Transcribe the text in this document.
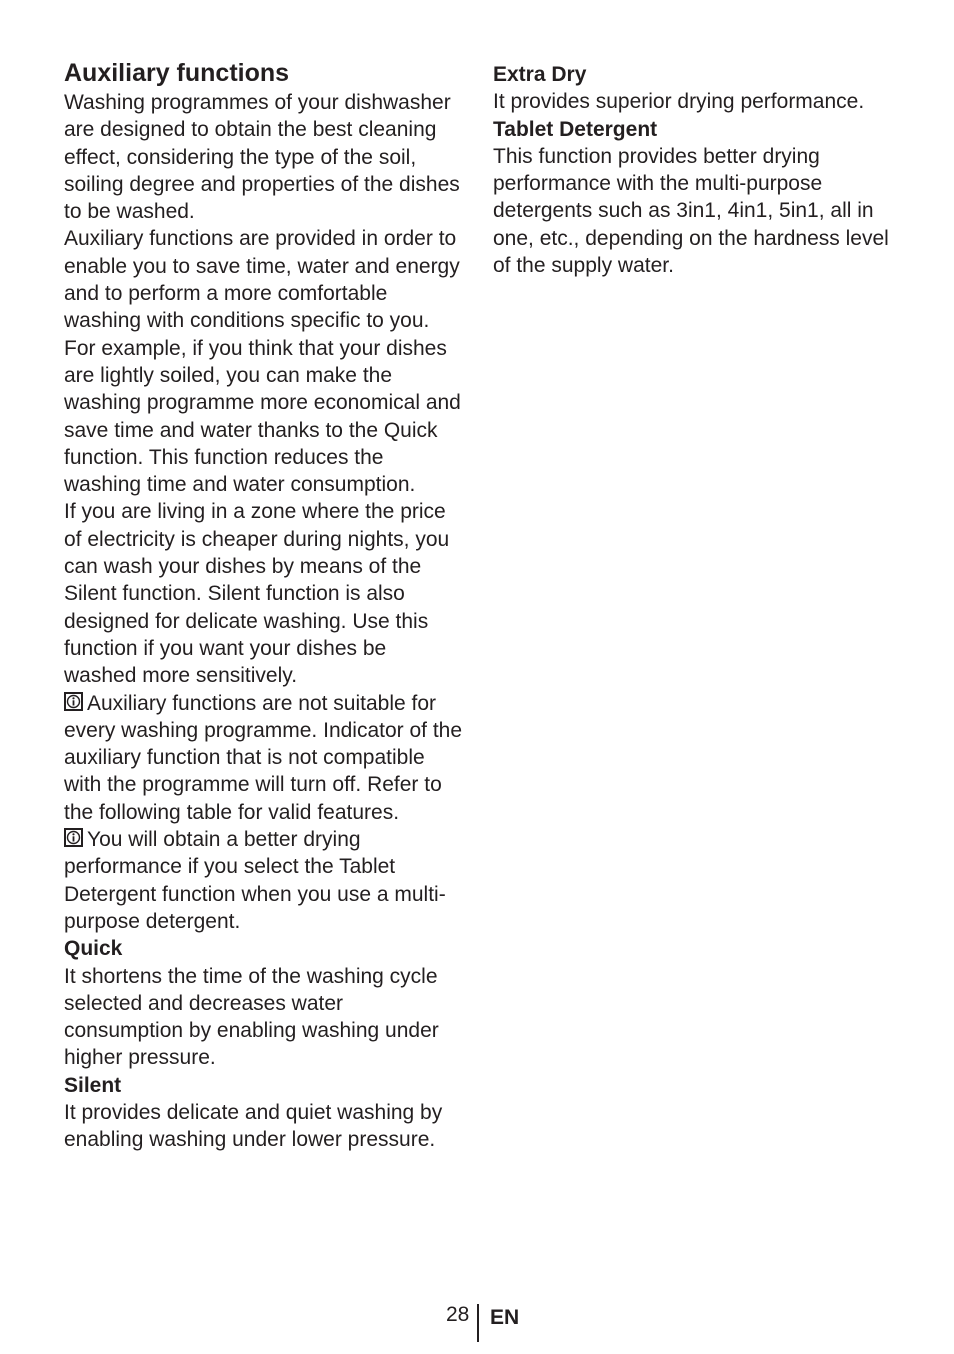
Auxiliary functions

Washing programmes of your dishwasher are designed to obtain the best cleaning effect, considering the type of the soil, soiling degree and properties of the dishes to be washed.

Auxiliary functions are provided in order to enable you to save time, water and energy and to perform a more comfortable washing with conditions specific to you.

For example, if you think that your dishes are lightly soiled, you can make the washing programme more economical and save time and water thanks to the Quick function. This function reduces the washing time and water consumption.

If you are living in a zone where the price of electricity is cheaper during nights, you can wash your dishes by means of the Silent function. Silent function is also designed for delicate washing. Use this function if you want your dishes be washed more sensitively.

Auxiliary functions are not suitable for every washing programme. Indicator of the auxiliary function that is not compatible with the programme will turn off. Refer to the following table for valid features.

You will obtain a better drying performance if you select the Tablet Detergent function when you use a multi-purpose detergent.

Quick

It shortens the time of the washing cycle selected and decreases water consumption by enabling washing under higher pressure.

Silent

It provides delicate and quiet washing by enabling washing under lower pressure.

Extra Dry

It provides superior drying performance.

Tablet Detergent

This function provides better drying performance with the multi-purpose detergents such as 3in1, 4in1, 5in1, all in one, etc., depending on the hardness level of the supply water.

28 EN
